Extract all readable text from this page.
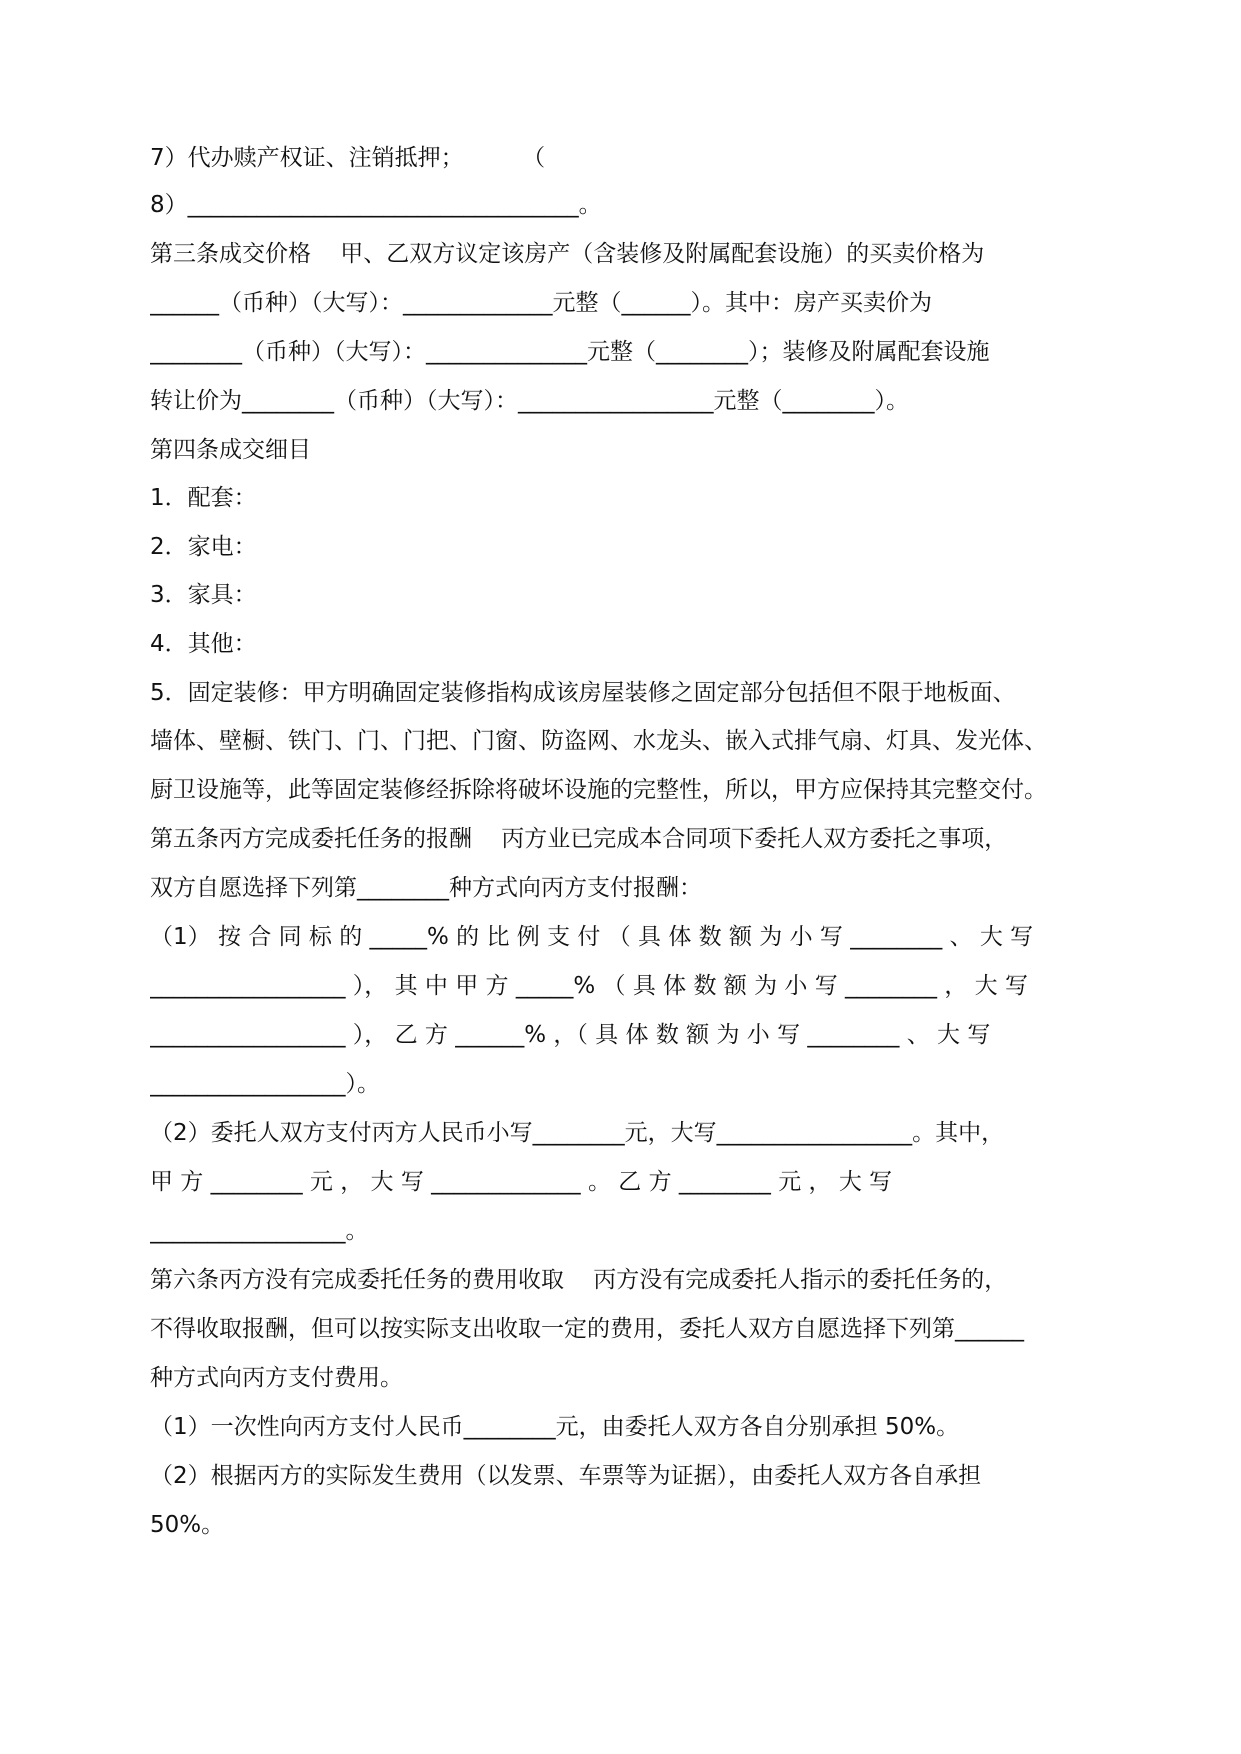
7）代办赎产权证、注销抵押；        （
8）__________________________________。
第三条成交价格    甲、乙双方议定该房产（含装修及附属配套设施）的买卖价格为
______（币种）（大写）：_____________元整（______）。其中：房产买卖价为
________（币种）（大写）：______________元整（________）；装修及附属配套设施
转让价为________（币种）（大写）：_________________元整（________）。
第四条成交细目
1．配套：
2．家电：
3．家具：
4．其他：
5．固定装修：甲方明确固定装修指构成该房屋装修之固定部分包括但不限于地板面、
墙体、壁橱、铁门、门、门把、门窗、防盗网、水龙头、嵌入式排气扇、灯具、发光体、
厨卫设施等，此等固定装修经拆除将破坏设施的完整性，所以，甲方应保持其完整交付。
第五条丙方完成委托任务的报酬    丙方业已完成本合同项下委托人双方委托之事项，
双方自愿选择下列第________种方式向丙方支付报酬：
（1） 按 合 同 标 的 _____% 的 比 例 支 付 （ 具 体 数 额 为 小 写 ________ 、 大 写
_________________ ）， 其 中 甲 方 _____% （ 具 体 数 额 为 小 写 ________ ， 大 写
_________________ ）， 乙 方 ______% ，（ 具 体 数 额 为 小 写 ________ 、 大 写
_________________）。
（2）委托人双方支付丙方人民币小写________元，大写_________________。其中，
甲 方 ________ 元 ， 大 写 _____________ 。 乙 方 ________ 元 ， 大 写
_________________。
第六条丙方没有完成委托任务的费用收取    丙方没有完成委托人指示的委托任务的，
不得收取报酬，但可以按实际支出收取一定的费用，委托人双方自愿选择下列第______
种方式向丙方支付费用。
（1）一次性向丙方支付人民币________元，由委托人双方各自分别承担 50%。
（2）根据丙方的实际发生费用（以发票、车票等为证据），由委托人双方各自承担
50%。
